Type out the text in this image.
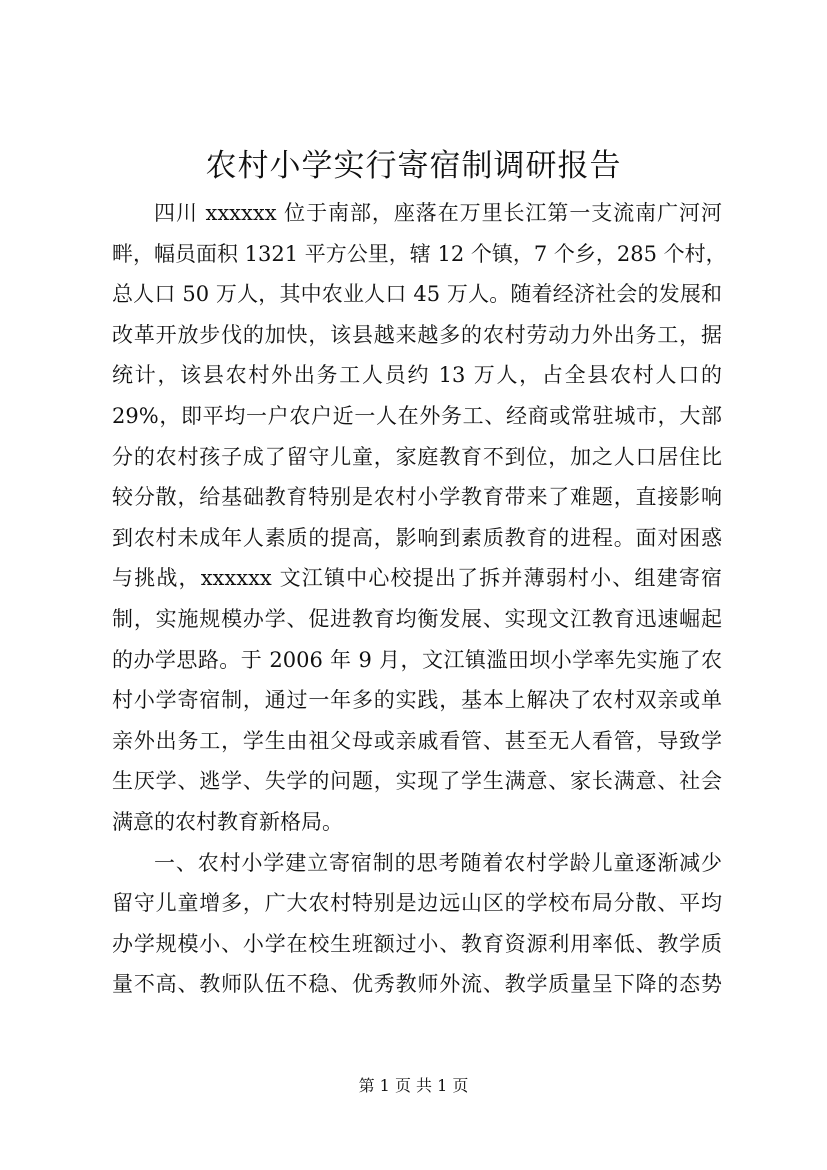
农村小学实行寄宿制调研报告
四川 xxxxxx 位于南部，座落在万里长江第一支流南广河河
畔，幅员面积 1321 平方公里，辖 12 个镇，7 个乡，285 个村，
总人口 50 万人，其中农业人口 45 万人。随着经济社会的发展和
改革开放步伐的加快，该县越来越多的农村劳动力外出务工，据
统计，该县农村外出务工人员约 13 万人，占全县农村人口的
29%，即平均一户农户近一人在外务工、经商或常驻城市，大部
分的农村孩子成了留守儿童，家庭教育不到位，加之人口居住比
较分散，给基础教育特别是农村小学教育带来了难题，直接影响
到农村未成年人素质的提高，影响到素质教育的进程。面对困惑
与挑战，xxxxxx 文江镇中心校提出了拆并薄弱村小、组建寄宿
制，实施规模办学、促进教育均衡发展、实现文江教育迅速崛起
的办学思路。于 2006 年 9 月，文江镇滥田坝小学率先实施了农
村小学寄宿制，通过一年多的实践，基本上解决了农村双亲或单
亲外出务工，学生由祖父母或亲戚看管、甚至无人看管，导致学
生厌学、逃学、失学的问题，实现了学生满意、家长满意、社会
满意的农村教育新格局。
一、农村小学建立寄宿制的思考随着农村学龄儿童逐渐减少
留守儿童增多，广大农村特别是边远山区的学校布局分散、平均
办学规模小、小学在校生班额过小、教育资源利用率低、教学质
量不高、教师队伍不稳、优秀教师外流、教学质量呈下降的态势
第 1 页 共 1 页
